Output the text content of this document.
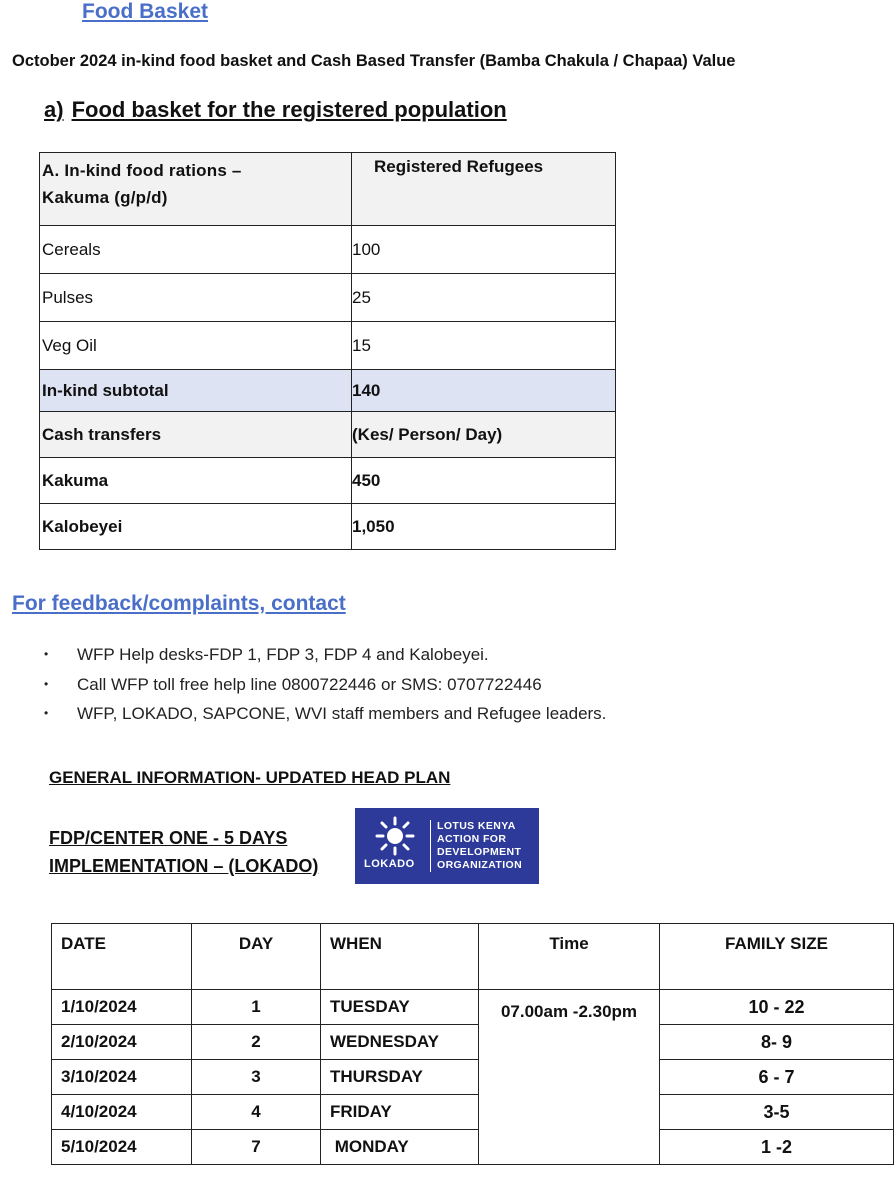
Food Basket
October 2024 in-kind food basket and Cash Based Transfer (Bamba Chakula / Chapaa) Value
a) Food basket for the registered population
A. In-kind food rations –
Kakuma (g/p/d)	Registered Refugees
Cereals	100
Pulses	25
Veg Oil	15
In-kind subtotal	140
Cash transfers	(Kes/ Person/ Day)
Kakuma	450
Kalobeyei	1,050
For feedback/complaints, contact
• WFP Help desks-FDP 1, FDP 3, FDP 4 and Kalobeyei.
• Call WFP toll free help line 0800722446 or SMS: 0707722446
• WFP, LOKADO, SAPCONE, WVI staff members and Refugee leaders.
GENERAL INFORMATION- UPDATED HEAD PLAN
FDP/CENTER ONE - 5 DAYS
IMPLEMENTATION – (LOKADO)	LOKADO
LOTUS KENYA
ACTION FOR
DEVELOPMENT
ORGANIZATION
DATE	DAY	WHEN	Time	FAMILY SIZE
1/10/2024	1	TUESDAY	07.00am -2.30pm	10 - 22
2/10/2024	2	WEDNESDAY		8- 9
3/10/2024	3	THURSDAY		6 - 7
4/10/2024	4	FRIDAY		3-5
5/10/2024	7	MONDAY		1 -2
